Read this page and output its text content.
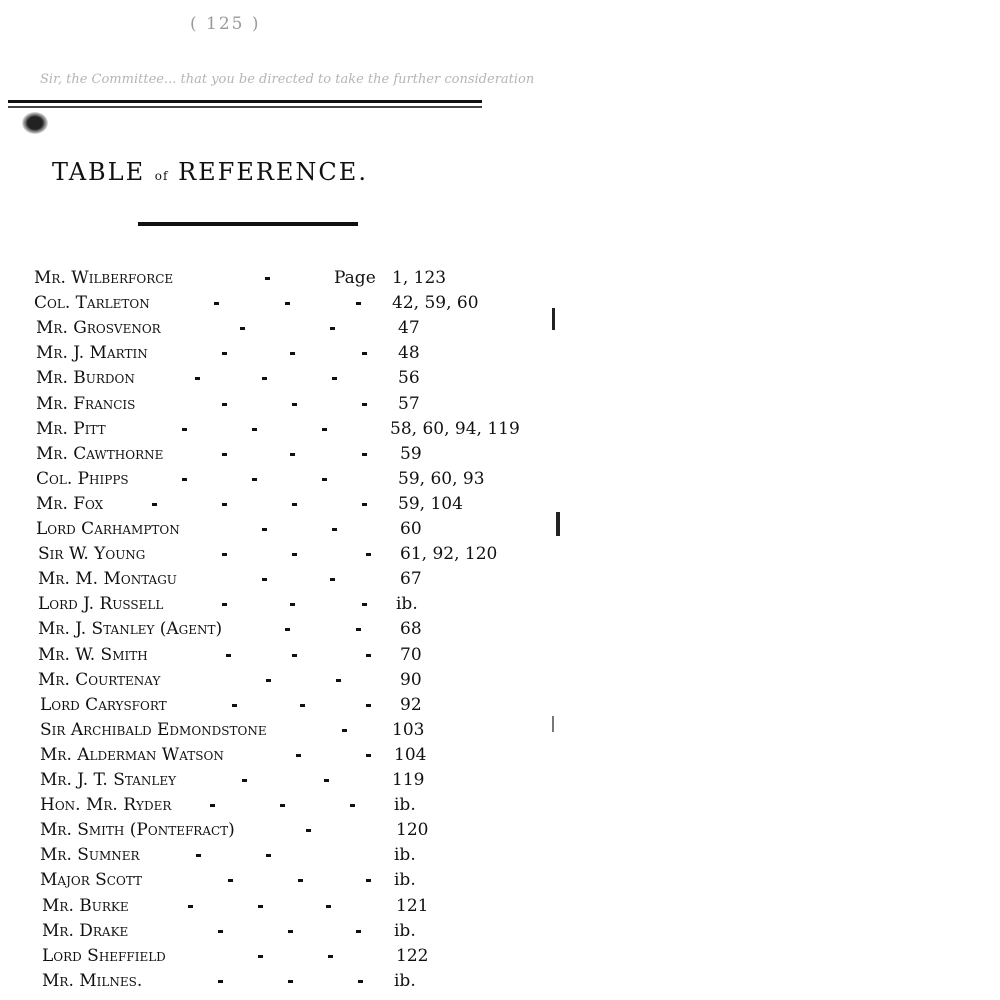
( 125 )
Sir, the Committee... that you be directed to take the further consideration
TABLE of REFERENCE.
Page
Mr. Wilberforce	1, 123
Col. Tarleton	42, 59, 60
Mr. Grosvenor	47
Mr. J. Martin	48
Mr. Burdon	56
Mr. Francis	57
Mr. Pitt	58, 60, 94, 119
Mr. Cawthorne	59
Col. Phipps	59, 60, 93
Mr. Fox	59, 104
Lord Carhampton	60
Sir W. Young	61, 92, 120
Mr. M. Montagu	67
Lord J. Russell	ib.
Mr. J. Stanley (Agent)	68
Mr. W. Smith	70
Mr. Courtenay	90
Lord Carysfort	92
Sir Archibald Edmondstone	103
Mr. Alderman Watson	104
Mr. J. T. Stanley	119
Hon. Mr. Ryder	ib.
Mr. Smith (Pontefract)	120
Mr. Sumner	ib.
Major Scott	ib.
Mr. Burke	121
Mr. Drake	ib.
Lord Sheffield	122
Mr. Milnes.	ib.
